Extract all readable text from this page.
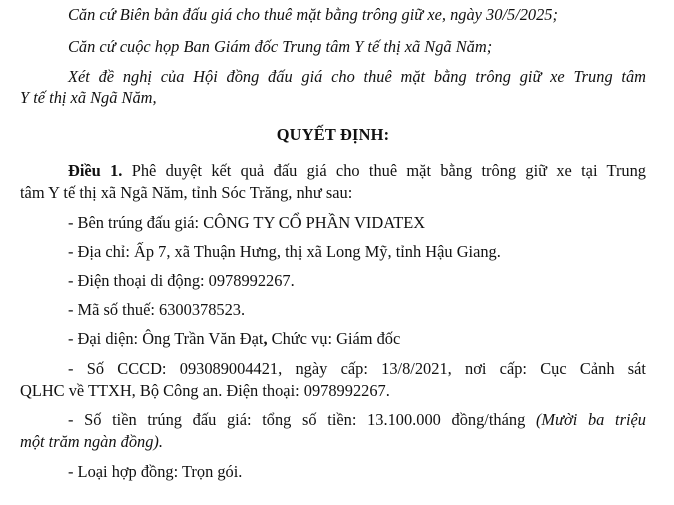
Căn cứ Biên bản đấu giá cho thuê mặt bằng trông giữ xe, ngày 30/5/2025;
Căn cứ cuộc họp Ban Giám đốc Trung tâm Y tế thị xã Ngã Năm;
Xét đề nghị của Hội đồng đấu giá cho thuê mặt bằng trông giữ xe Trung tâm
Y tế thị xã Ngã Năm,
QUYẾT ĐỊNH:
Điều 1. Phê duyệt kết quả đấu giá cho thuê mặt bằng trông giữ xe tại Trung
tâm Y tế thị xã Ngã Năm, tỉnh Sóc Trăng, như sau:
- Bên trúng đấu giá: CÔNG TY CỔ PHẦN VIDATEX
- Địa chỉ: Ấp 7, xã Thuận Hưng, thị xã Long Mỹ, tỉnh Hậu Giang.
- Điện thoại di động: 0978992267.
- Mã số thuế: 6300378523.
- Đại diện: Ông Trần Văn Đạt, Chức vụ: Giám đốc
- Số CCCD: 093089004421, ngày cấp: 13/8/2021, nơi cấp: Cục Cảnh sát
QLHC về TTXH, Bộ Công an. Điện thoại: 0978992267.
- Số tiền trúng đấu giá: tổng số tiền: 13.100.000 đồng/tháng (Mười ba triệu
một trăm ngàn đồng).
- Loại hợp đồng: Trọn gói.
